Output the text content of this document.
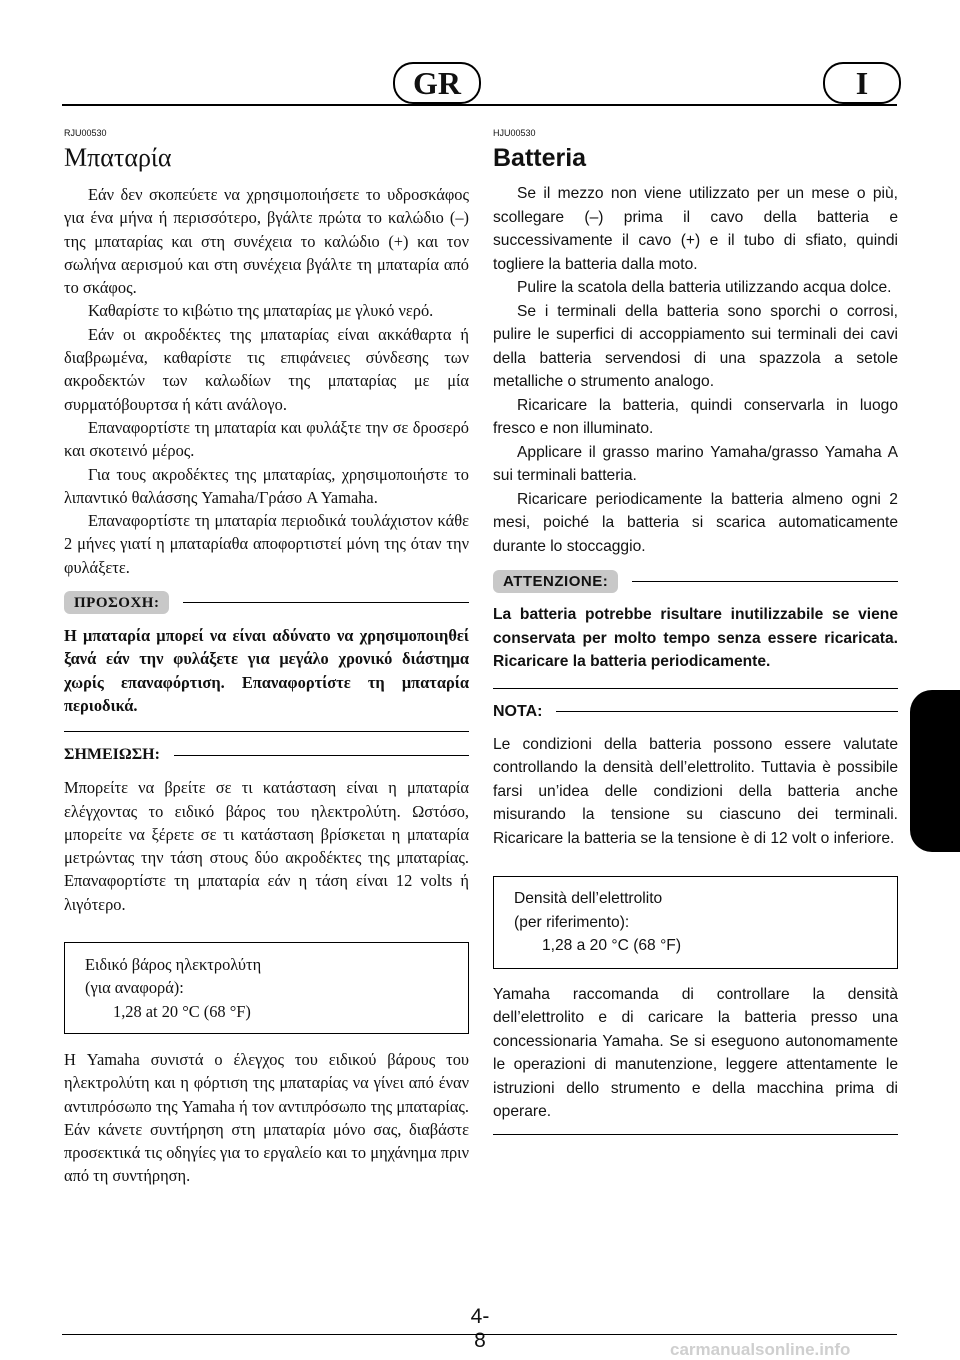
GR	I
RJU00530
Μπαταρία

Εάν δεν σκοπεύετε να χρησιμοποιήσετε το υδροσκάφος για ένα μήνα ή περισσότερο, βγάλτε πρώτα το καλώδιο (–) της μπαταρίας και στη συνέχεια το καλώδιο (+) και τον σωλήνα αερισμού και στη συνέχεια βγάλτε τη μπαταρία από το σκάφος.

Καθαρίστε το κιβώτιο της μπαταρίας με γλυκό νερό.

Εάν οι ακροδέκτες της μπαταρίας είναι ακκάθαρτα ή διαβρωμένα, καθαρίστε τις επιφάνειες σύνδεσης των ακροδεκτών των καλωδίων της μπαταρίας με μία συρματόβουρτσα ή κάτι ανάλογο.

Επαναφορτίστε τη μπαταρία και φυλάξτε την σε δροσερό και σκοτεινό μέρος.

Για τους ακροδέκτες της μπαταρίας, χρησιμοποιήστε το λιπαντικό θαλάσσης Yamaha/Γράσο A Yamaha.

Επαναφορτίστε τη μπαταρία περιοδικά τουλάχιστον κάθε 2 μήνες γιατί η μπαταρίαθα αποφορτιστεί μόνη της όταν την φυλάξετε.

ΠΡΟΣΟΧΗ:
Η μπαταρία μπορεί να είναι αδύνατο να χρησιμοποιηθεί ξανά εάν την φυλάξετε για μεγάλο χρονικό διάστημα χωρίς επαναφόρτιση. Επαναφορτίστε τη μπαταρία περιοδικά.
ΣΗΜΕΙΩΣΗ:

Μπορείτε να βρείτε σε τι κατάσταση είναι η μπαταρία ελέγχοντας το ειδικό βάρος του ηλεκτρολύτη. Ωστόσο, μπορείτε να ξέρετε σε τι κατάσταση βρίσκεται η μπαταρία μετρώντας την τάση στους δύο ακροδέκτες της μπαταρίας. Επαναφορτίστε τη μπαταρία εάν η τάση είναι 12 volts ή λιγότερο.

Ειδικό βάρος ηλεκτρολύτη
(για αναφορά):
1,28 at 20 °C (68 °F)

Η Yamaha συνιστά ο έλεγχος του ειδικού βάρους του ηλεκτρολύτη και η φόρτιση της μπαταρίας να γίνει από έναν αντιπρόσωπο της Yamaha ή τον αντιπρόσωπο της μπαταρίας. Εάν κάνετε συντήρηση στη μπαταρία μόνο σας, διαβάστε προσεκτικά τις οδηγίες για το εργαλείο και το μηχάνημα πριν από τη συντήρηση.

HJU00530
Batteria

Se il mezzo non viene utilizzato per un mese o più, scollegare (–) prima il cavo della batteria e successivamente il cavo (+) e il tubo di sfiato, quindi togliere la batteria dalla moto.

Pulire la scatola della batteria utilizzando acqua dolce.

Se i terminali della batteria sono sporchi o corrosi, pulire le superfici di accoppiamento sui terminali dei cavi della batteria servendosi di una spazzola a setole metalliche o strumento analogo.

Ricaricare la batteria, quindi conservarla in luogo fresco e non illuminato.

Applicare il grasso marino Yamaha/grasso Yamaha A sui terminali batteria.

Ricaricare periodicamente la batteria almeno ogni 2 mesi, poiché la batteria si scarica automaticamente durante lo stoccaggio.

ATTENZIONE:
La batteria potrebbe risultare inutilizzabile se viene conservata per molto tempo senza essere ricaricata. Ricaricare la batteria periodicamente.
NOTA:

Le condizioni della batteria possono essere valutate controllando la densità dell’elettrolito. Tuttavia è possibile farsi un’idea delle condizioni della batteria anche misurando la tensione su ciascuno dei terminali. Ricaricare la batteria se la tensione è di 12 volt o inferiore.

Densità dell’elettrolito
(per riferimento):
1,28 a 20 °C (68 °F)

Yamaha raccomanda di controllare la densità dell’elettrolito e di caricare la batteria presso una concessionaria Yamaha. Se si eseguono autonomamente le operazioni di manutenzione, leggere attentamente le istruzioni dello strumento e della macchina prima di operare.

4-8	carmanualsonline.info
